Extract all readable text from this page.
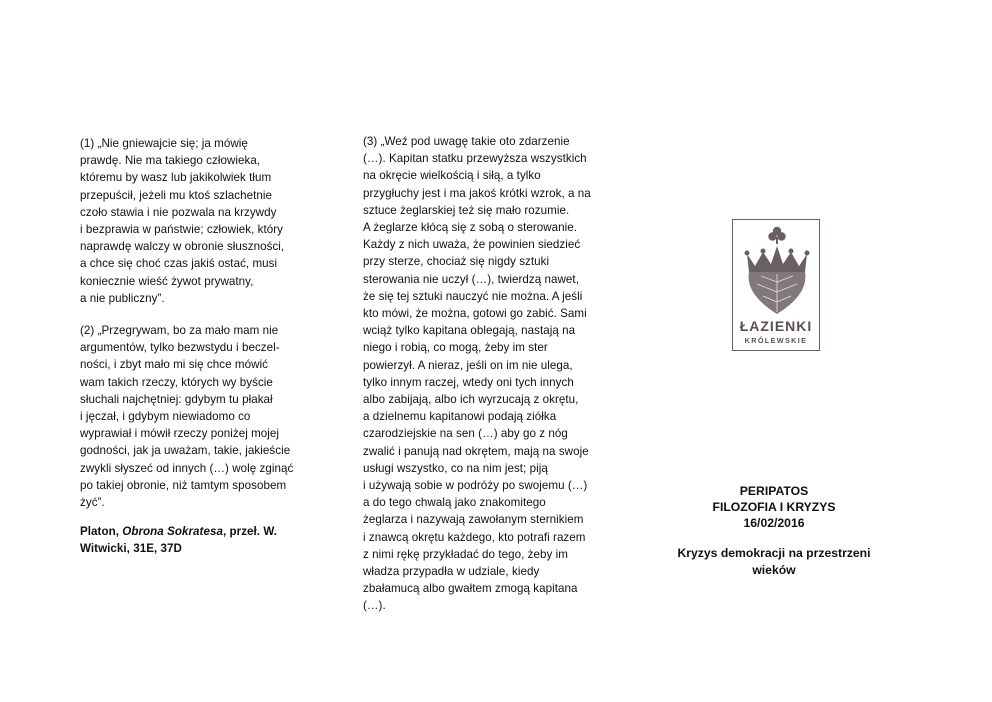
(1) „Nie gniewajcie się; ja mówię
prawdę. Nie ma takiego człowieka,
któremu by wasz lub jakikolwiek tłum
przepuścił, jeżeli mu ktoś szlachetnie
czoło stawia i nie pozwala na krzywdy
i bezprawia w państwie; człowiek, który
naprawdę walczy w obronie słuszności,
a chce się choć czas jakiś ostać, musi
koniecznie wieść żywot prywatny,
a nie publiczny”.

(2) „Przegrywam, bo za mało mam nie
argumentów, tylko bezwstydu i beczel-
ności, i zbyt mało mi się chce mówić
wam takich rzeczy, których wy byście
słuchali najchętniej: gdybym tu płakał
i jęczał, i gdybym niewiadomo co
wyprawiał i mówił rzeczy poniżej mojej
godności, jak ja uważam, takie, jakieście
zwykli słyszeć od innych (…) wolę zginąć
po takiej obronie, niż tamtym sposobem
żyć”.

Platon, Obrona Sokratesa, przeł. W.
Witwicki, 31E, 37D

(3) „Weź pod uwagę takie oto zdarzenie
(…). Kapitan statku przewyższa wszystkich
na okręcie wielkością i siłą, a tylko
przygłuchy jest i ma jakoś krótki wzrok, a na
sztuce żeglarskiej też się mało rozumie.
A żeglarze kłócą się z sobą o sterowanie.
Każdy z nich uważa, że powinien siedzieć
przy sterze, chociaż się nigdy sztuki
sterowania nie uczył (…), twierdzą nawet,
że się tej sztuki nauczyć nie można. A jeśli
kto mówi, że można, gotowi go zabić. Sami
wciąż tylko kapitana oblegają, nastają na
niego i robią, co mogą, żeby im ster
powierzył. A nieraz, jeśli on im nie ulega,
tylko innym raczej, wtedy oni tych innych
albo zabijają, albo ich wyrzucają z okrętu,
a dzielnemu kapitanowi podają ziółka
czarodziejskie na sen (…) aby go z nóg
zwalić i panują nad okrętem, mają na swoje
usługi wszystko, co na nim jest; piją
i używają sobie w podróży po swojemu (…)
a do tego chwalą jako znakomitego
żeglarza i nazywają zawołanym sternikiem
i znawcą okrętu każdego, kto potrafi razem
z nimi rękę przykładać do tego, żeby im
władza przypadła w udziale, kiedy
zbałamucą albo gwałtem zmogą kapitana
(…).

ŁAZIENKI
KRÓLEWSKIE
PERIPATOS
FILOZOFIA I KRYZYS
16/02/2016
Kryzys demokracji na przestrzeni
wieków
